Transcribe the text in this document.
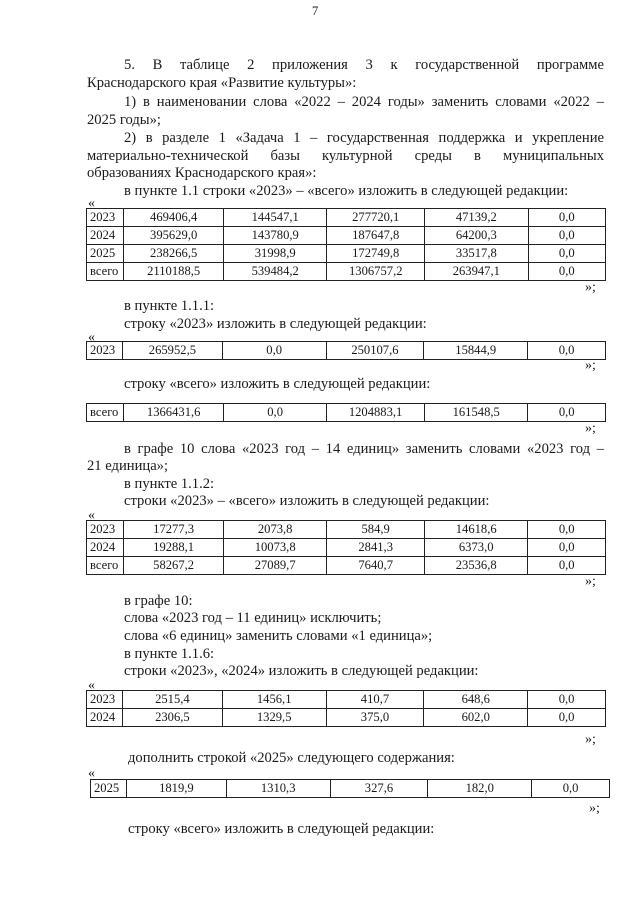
7
5. В таблице 2 приложения 3 к государственной программе
Краснодарского края «Развитие культуры»:
1) в наименовании слова «2022 – 2024 годы» заменить словами «2022 –
2025 годы»;
2) в разделе 1 «Задача 1 – государственная поддержка и укрепление
материально-технической базы культурной среды в муниципальных
образованиях Краснодарского края»:
в пункте 1.1 строки «2023» – «всего» изложить в следующей редакции:
«
2023	469406,4	144547,1	277720,1	47139,2	0,0
2024	395629,0	143780,9	187647,8	64200,3	0,0
2025	238266,5	31998,9	172749,8	33517,8	0,0
всего	2110188,5	539484,2	1306757,2	263947,1	0,0
»;
в пункте 1.1.1:
строку «2023» изложить в следующей редакции:
«
2023	265952,5	0,0	250107,6	15844,9	0,0
»;
строку «всего» изложить в следующей редакции:
всего	1366431,6	0,0	1204883,1	161548,5	0,0
»;
в графе 10 слова «2023 год – 14 единиц» заменить словами «2023 год –
21 единица»;
в пункте 1.1.2:
строки «2023» – «всего» изложить в следующей редакции:
«
2023	17277,3	2073,8	584,9	14618,6	0,0
2024	19288,1	10073,8	2841,3	6373,0	0,0
всего	58267,2	27089,7	7640,7	23536,8	0,0
»;
в графе 10:
слова «2023 год – 11 единиц» исключить;
слова «6 единиц» заменить словами «1 единица»;
в пункте 1.1.6:
строки «2023», «2024» изложить в следующей редакции:
«
2023	2515,4	1456,1	410,7	648,6	0,0
2024	2306,5	1329,5	375,0	602,0	0,0
»;
дополнить строкой «2025» следующего содержания:
«
2025	1819,9	1310,3	327,6	182,0	0,0
»;
строку «всего» изложить в следующей редакции:
